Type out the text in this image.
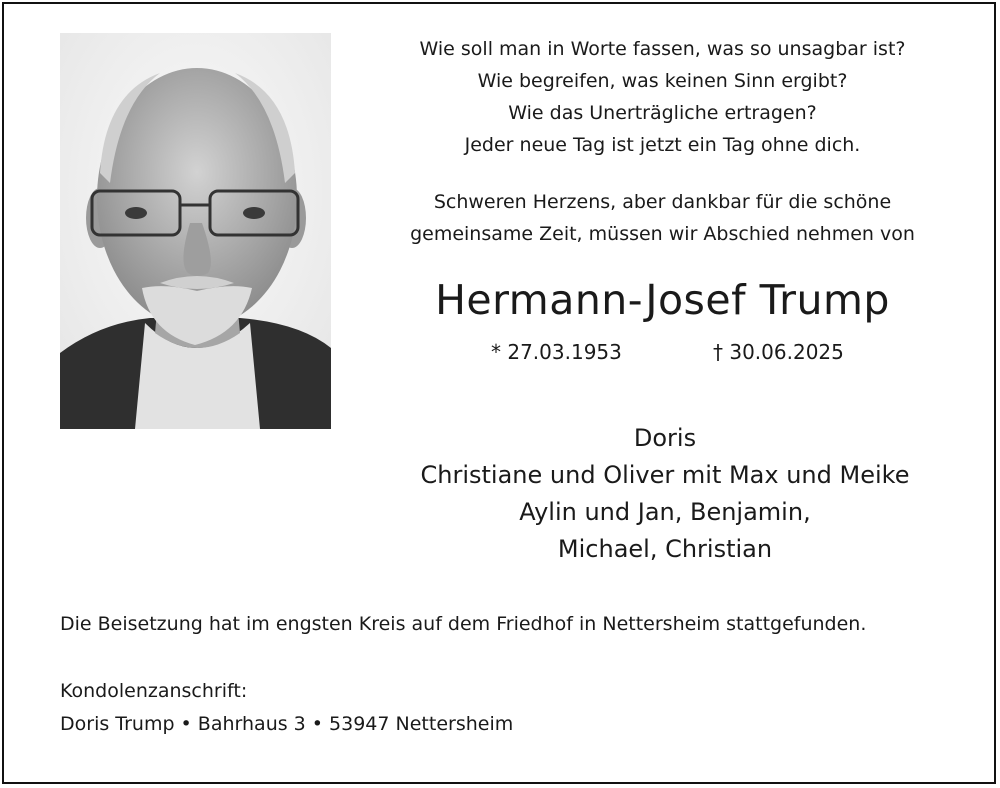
Wie soll man in Worte fassen, was so unsagbar ist?
Wie begreifen, was keinen Sinn ergibt?
Wie das Unerträgliche ertragen?
Jeder neue Tag ist jetzt ein Tag ohne dich.
Schweren Herzens, aber dankbar für die schöne
gemeinsame Zeit, müssen wir Abschied nehmen von
Hermann-Josef Trump
* 27.03.1953	† 30.06.2025
Doris
Christiane und Oliver mit Max und Meike
Aylin und Jan, Benjamin,
Michael, Christian
Die Beisetzung hat im engsten Kreis auf dem Friedhof in Nettersheim stattgefunden.
Kondolenzanschrift:
Doris Trump • Bahrhaus 3 • 53947 Nettersheim
